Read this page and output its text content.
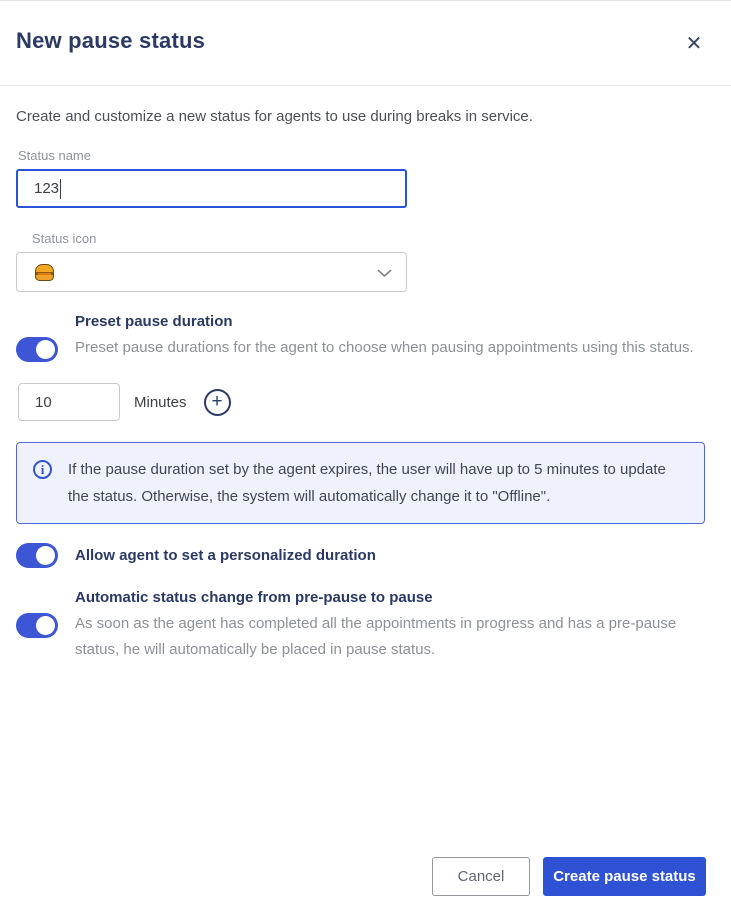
New pause status	✕

Create and customize a new status for agents to use during breaks in service.

Status name
123
Status icon
Preset pause duration
Preset pause durations for the agent to choose when pausing appointments using this status.
10
Minutes	+
i	If the pause duration set by the agent expires, the user will have up to 5 minutes to update the status. Otherwise, the system will automatically change it to "Offline".
Allow agent to set a personalized duration
Automatic status change from pre-pause to pause
As soon as the agent has completed all the appointments in progress and has a pre-pause status, he will automatically be placed in pause status.
Cancel	Create pause status
